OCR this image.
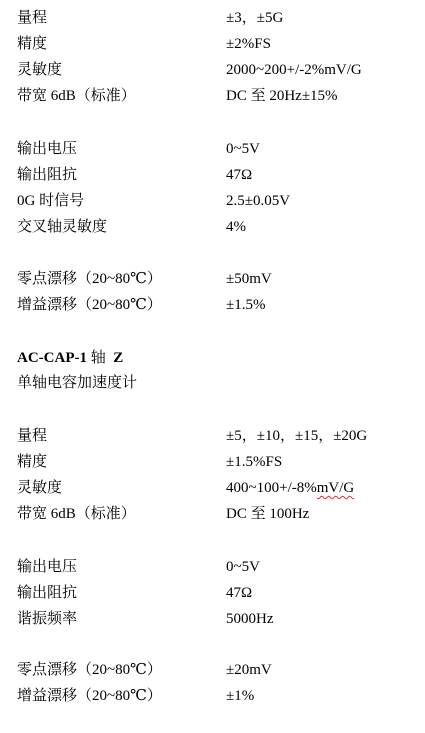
量程	±3，±5G
精度	±2%FS
灵敏度	2000~200+/-2%mV/G
带宽 6dB（标准）	DC 至 20Hz±15%
输出电压	0~5V
输出阻抗	47Ω
0G 时信号	2.5±0.05V
交叉轴灵敏度	4%
零点漂移（20~80℃）	±50mV
增益漂移（20~80℃）	±1.5%
AC-CAP-1 轴 Z
单轴电容加速度计
量程	±5，±10，±15，±20G
精度	±1.5%FS
灵敏度	400~100+/-8%mV/G
带宽 6dB（标准）	DC 至 100Hz
输出电压	0~5V
输出阻抗	47Ω
谐振频率	5000Hz
零点漂移（20~80℃）	±20mV
增益漂移（20~80℃）	±1%
